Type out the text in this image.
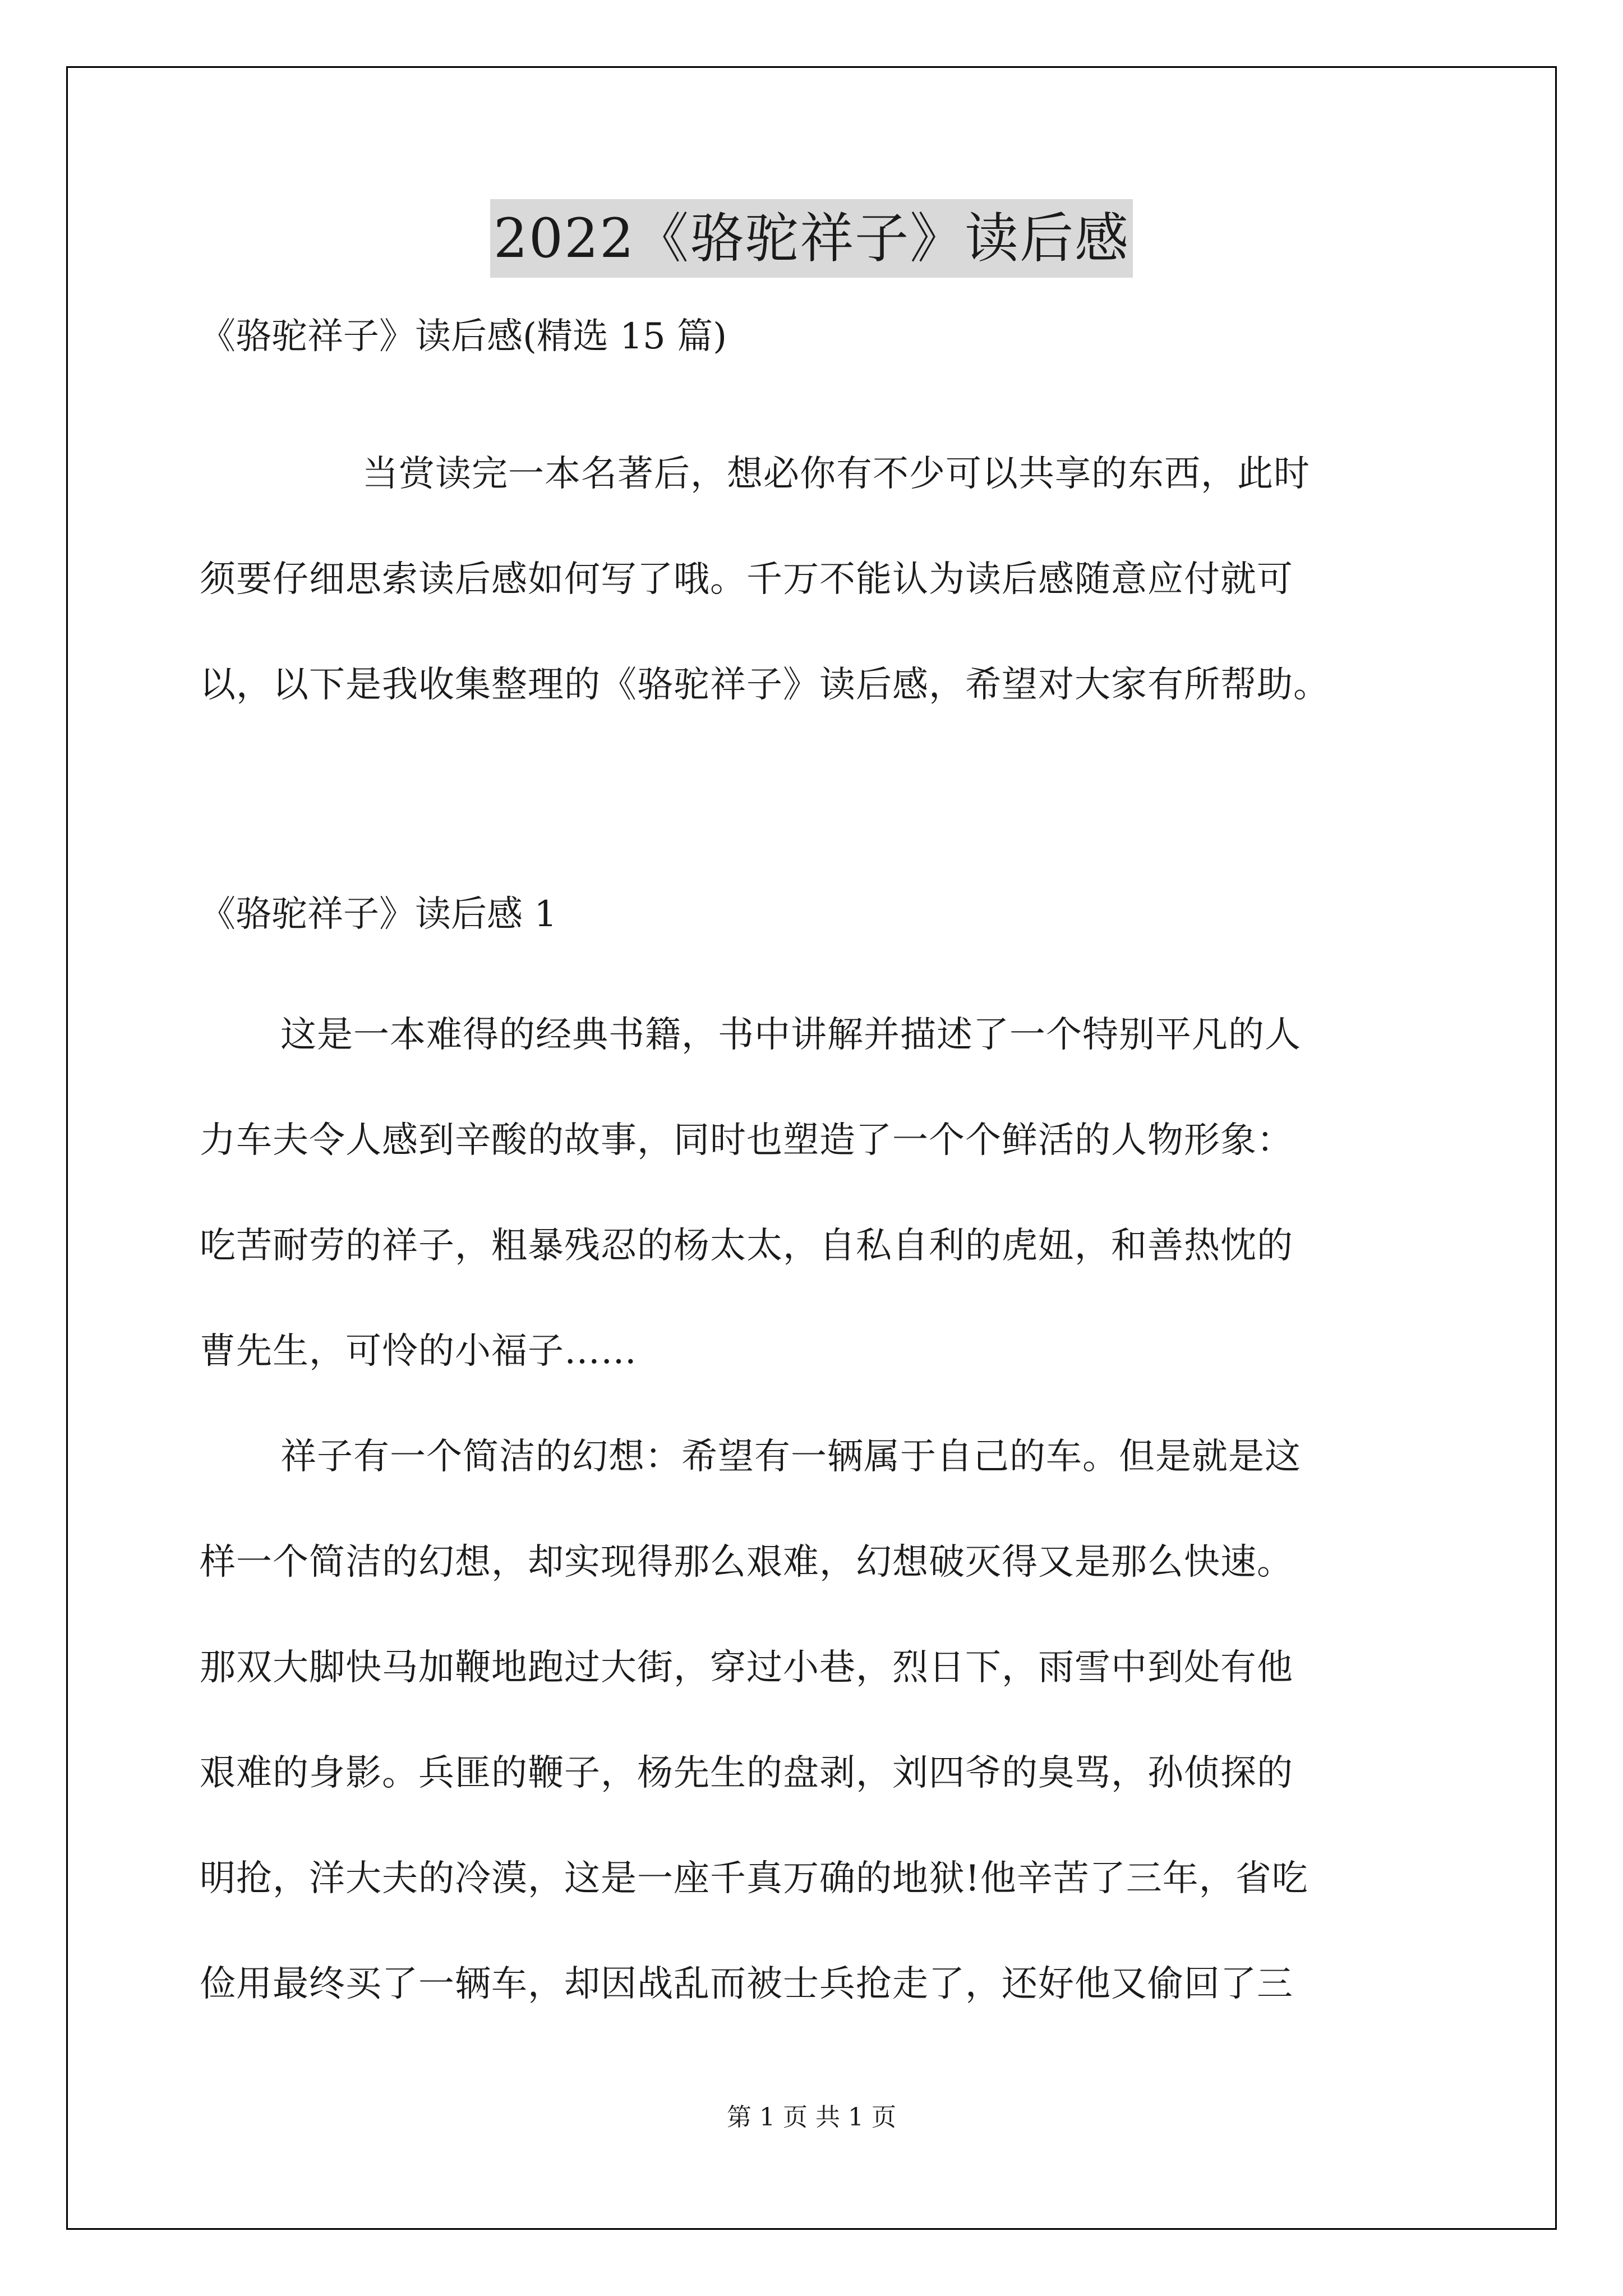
2022《骆驼祥子》读后感
《骆驼祥子》读后感(精选 15 篇)
当赏读完一本名著后，想必你有不少可以共享的东西，此时
须要仔细思索读后感如何写了哦。千万不能认为读后感随意应付就可
以，以下是我收集整理的《骆驼祥子》读后感，希望对大家有所帮助。
《骆驼祥子》读后感 1
这是一本难得的经典书籍，书中讲解并描述了一个特别平凡的人
力车夫令人感到辛酸的故事，同时也塑造了一个个鲜活的人物形象：
吃苦耐劳的祥子，粗暴残忍的杨太太，自私自利的虎妞，和善热忱的
曹先生，可怜的小福子……
祥子有一个简洁的幻想：希望有一辆属于自己的车。但是就是这
样一个简洁的幻想，却实现得那么艰难，幻想破灭得又是那么快速。
那双大脚快马加鞭地跑过大街，穿过小巷，烈日下，雨雪中到处有他
艰难的身影。兵匪的鞭子，杨先生的盘剥，刘四爷的臭骂，孙侦探的
明抢，洋大夫的冷漠，这是一座千真万确的地狱!他辛苦了三年，省吃
俭用最终买了一辆车，却因战乱而被士兵抢走了，还好他又偷回了三
第 1 页 共 1 页
